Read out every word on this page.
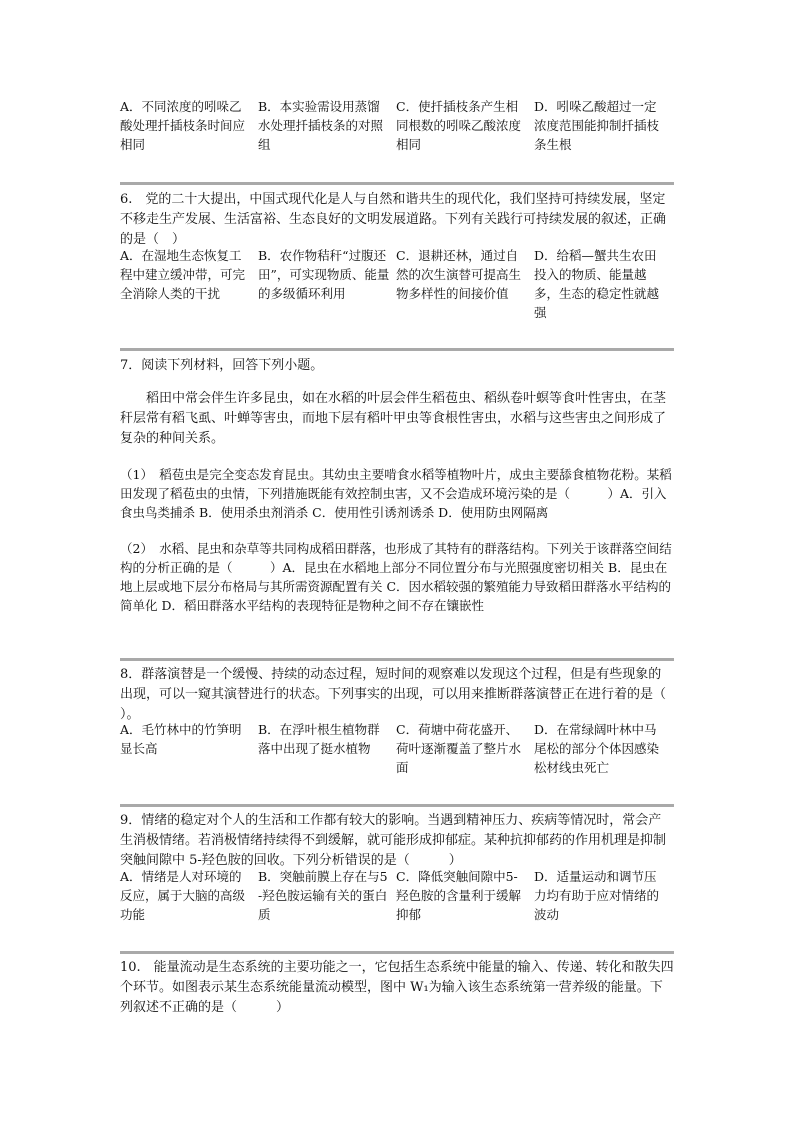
A．不同浓度的吲哚乙酸处理扦插枝条时间应相同
B．本实验需设用蒸馏水处理扦插枝条的对照组
C．使扦插枝条产生相同根数的吲哚乙酸浓度相同
D．吲哚乙酸超过一定浓度范围能抑制扦插枝条生根
6.　党的二十大提出，中国式现代化是人与自然和谐共生的现代化，我们坚持可持续发展，坚定不移走生产发展、生活富裕、生态良好的文明发展道路。下列有关践行可持续发展的叙述，正确的是（　）
A．在湿地生态恢复工程中建立缓冲带，可完全消除人类的干扰
B．农作物秸秆“过腹还田”，可实现物质、能量的多级循环利用
C．退耕还林，通过自然的次生演替可提高生物多样性的间接价值
D．给稻—蟹共生农田投入的物质、能量越多，生态的稳定性就越强
7．阅读下列材料，回答下列小题。
稻田中常会伴生许多昆虫，如在水稻的叶层会伴生稻苞虫、稻纵卷叶螟等食叶性害虫，在茎秆层常有稻飞虱、叶蝉等害虫，而地下层有稻叶甲虫等食根性害虫，水稻与这些害虫之间形成了复杂的种间关系。
（1）　稻苞虫是完全变态发育昆虫。其幼虫主要啃食水稻等植物叶片，成虫主要舔食植物花粉。某稻田发现了稻苞虫的虫情，下列措施既能有效控制虫害，又不会造成环境污染的是（　　　）A．引入食虫鸟类捕杀 B．使用杀虫剂消杀 C．使用性引诱剂诱杀 D．使用防虫网隔离
（2）　水稻、昆虫和杂草等共同构成稻田群落，也形成了其特有的群落结构。下列关于该群落空间结构的分析正确的是（　　　）A．昆虫在水稻地上部分不同位置分布与光照强度密切相关 B．昆虫在地上层或地下层分布格局与其所需资源配置有关 C．因水稻较强的繁殖能力导致稻田群落水平结构的简单化 D．稻田群落水平结构的表现特征是物种之间不存在镶嵌性
8．群落演替是一个缓慢、持续的动态过程，短时间的观察难以发现这个过程，但是有些现象的出现，可以一窥其演替进行的状态。下列事实的出现，可以用来推断群落演替正在进行着的是（　　　）。
A．毛竹林中的竹笋明显长高
B．在浮叶根生植物群落中出现了挺水植物
C．荷塘中荷花盛开、荷叶逐渐覆盖了整片水面
D．在常绿阔叶林中马尾松的部分个体因感染松材线虫死亡
9．情绪的稳定对个人的生活和工作都有较大的影响。当遇到精神压力、疾病等情况时，常会产生消极情绪。若消极情绪持续得不到缓解，就可能形成抑郁症。某种抗抑郁药的作用机理是抑制突触间隙中 5-羟色胺的回收。下列分析错误的是（　　　）
A．情绪是人对环境的反应，属于大脑的高级功能
B．突触前膜上存在与5-羟色胺运输有关的蛋白质
C．降低突触间隙中5-羟色胺的含量利于缓解抑郁
D．适量运动和调节压力均有助于应对情绪的波动
10.　能量流动是生态系统的主要功能之一，它包括生态系统中能量的输入、传递、转化和散失四个环节。如图表示某生态系统能量流动模型，图中 W₁为输入该生态系统第一营养级的能量。下列叙述不正确的是（　　　）
